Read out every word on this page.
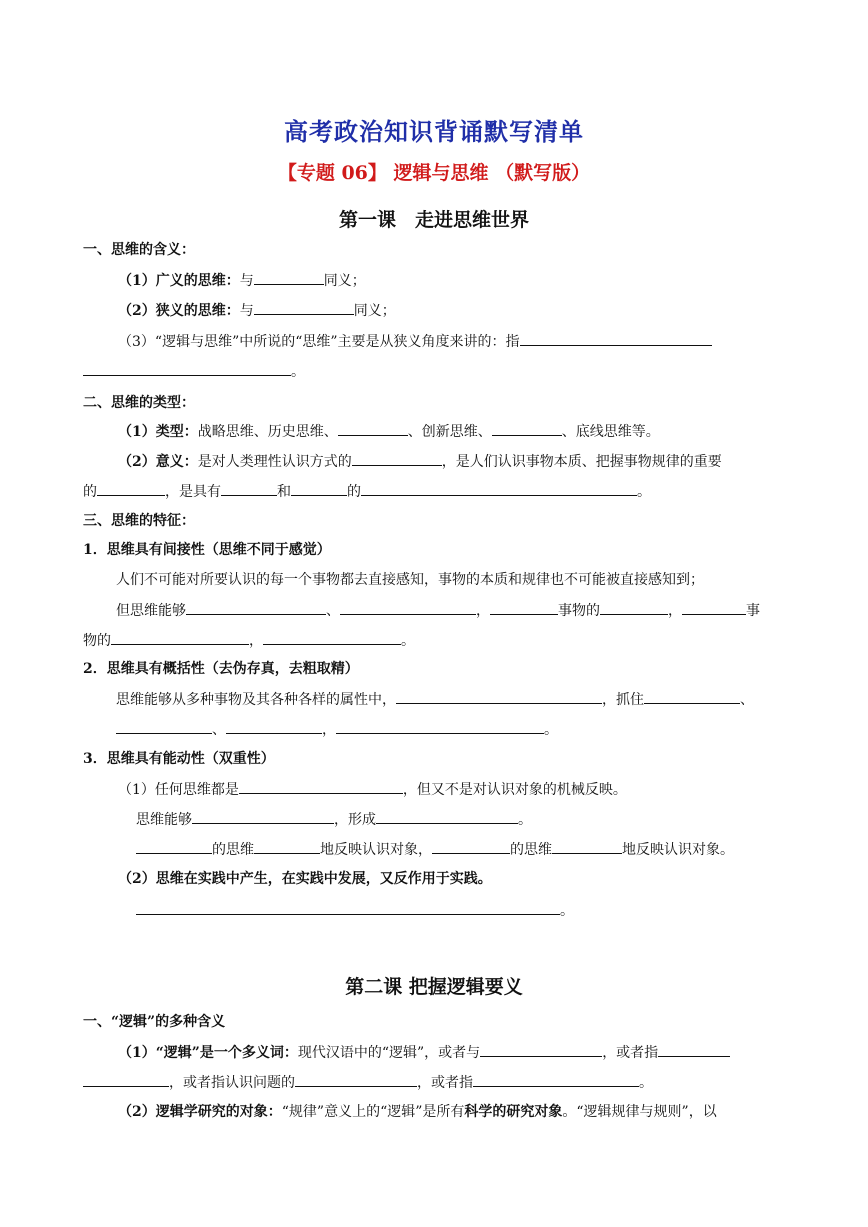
高考政治知识背诵默写清单
【专题 06】 逻辑与思维 （默写版）
第一课　走进思维世界
一、思维的含义：
（1）广义的思维：与	同义；
（2）狭义的思维：与	同义；
（3）“逻辑与思维”中所说的“思维”主要是从狭义角度来讲的：指
。
二、思维的类型：
（1）类型：战略思维、历史思维、	、创新思维、	、底线思维等。
（2）意义：是对人类理性认识方式的	，是人们认识事物本质、把握事物规律的重要
的	，是具有	和	的	。
三、思维的特征：
1．思维具有间接性（思维不同于感觉）
人们不可能对所要认识的每一个事物都去直接感知，事物的本质和规律也不可能被直接感知到；
但思维能够	、	，	事物的	，	事
物的	，	。
2．思维具有概括性（去伪存真，去粗取精）
思维能够从多种事物及其各种各样的属性中，	，抓住	、
、	，	。
3．思维具有能动性（双重性）
（1）任何思维都是	，但又不是对认识对象的机械反映。
思维能够	，形成	。
的思维	地反映认识对象，	的思维	地反映认识对象。
（2）思维在实践中产生，在实践中发展，又反作用于实践。
。
第二课 把握逻辑要义
一、“逻辑”的多种含义
（1）“逻辑”是一个多义词：现代汉语中的“逻辑”，或者与	，或者指
，或者指认识问题的	，或者指	。
（2）逻辑学研究的对象：“规律”意义上的“逻辑”是所有科学的研究对象。“逻辑规律与规则”，以
